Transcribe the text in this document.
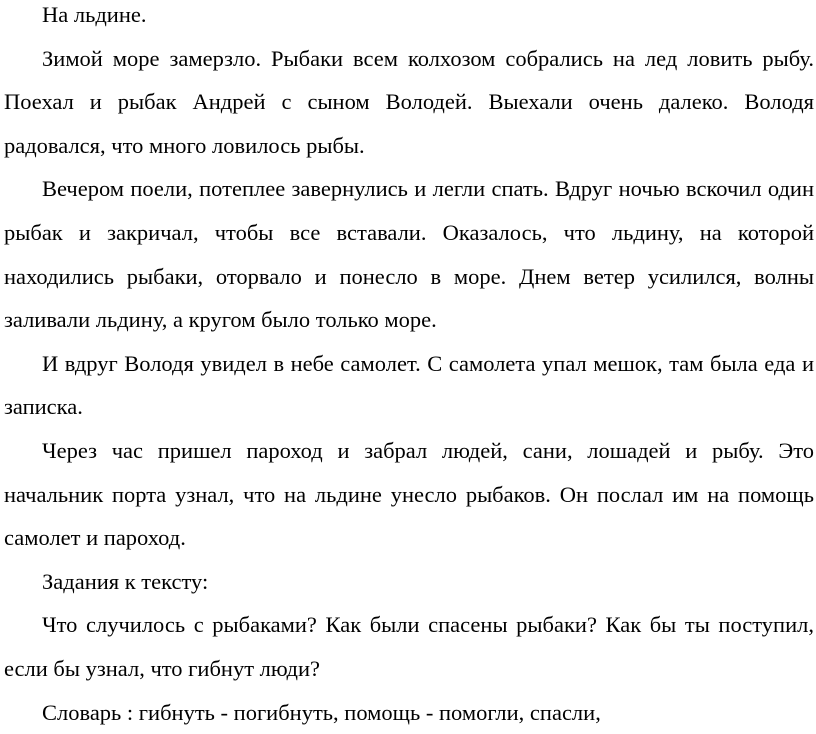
На льдине.

Зимой море замерзло. Рыбаки всем колхозом собрались на лед ловить рыбу. Поехал и рыбак Андрей с сыном Володей. Выехали очень далеко. Володя радовался, что много ловилось рыбы.

Вечером поели, потеплее завернулись и легли спать. Вдруг ночью вскочил один рыбак и закричал, чтобы все вставали. Оказалось, что льдину, на которой находились рыбаки, оторвало и понесло в море. Днем ветер усилился, волны заливали льдину, а кругом было только море.

И вдруг Володя увидел в небе самолет. С самолета упал мешок, там была еда и записка.

Через час пришел пароход и забрал людей, сани, лошадей и рыбу. Это начальник порта узнал, что на льдине унесло рыбаков. Он послал им на помощь самолет и пароход.

Задания к тексту:

Что случилось с рыбаками? Как были спасены рыбаки? Как бы ты поступил, если бы узнал, что гибнут люди?

Словарь : гибнуть - погибнуть, помощь - помогли, спасли,
